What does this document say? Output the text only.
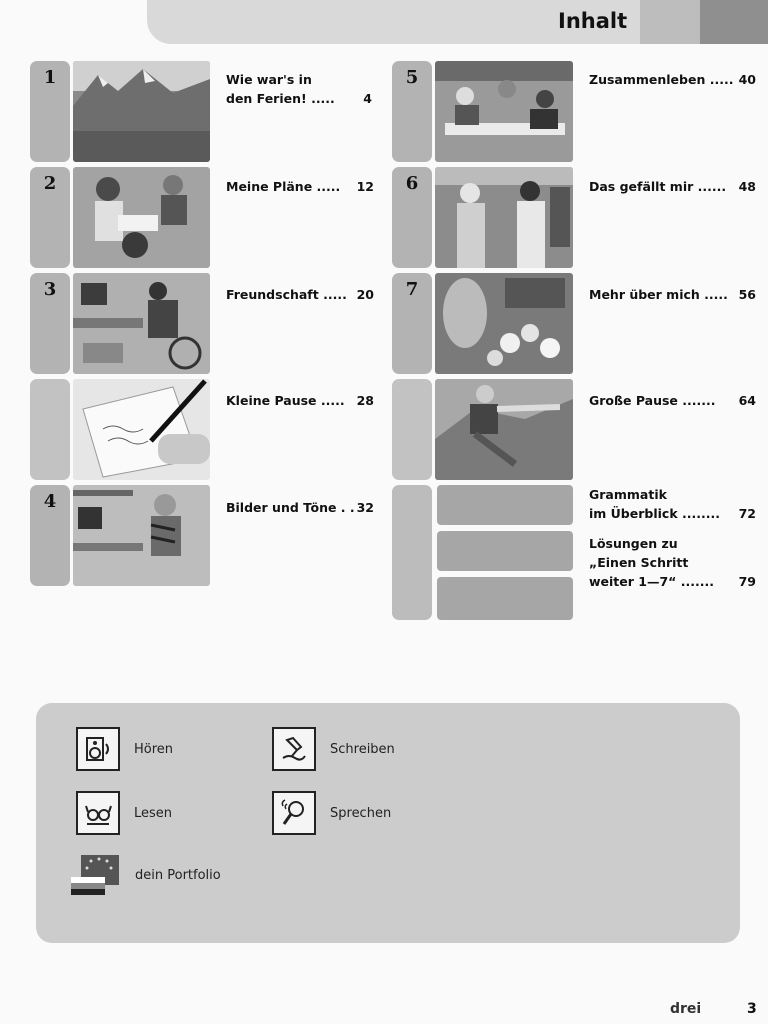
Inhalt
1	Wie war's in
den Ferien! .....	4
2	Meine Pläne .....	12
3	Freundschaft ..... 20
Kleine Pause ..... 28
4	Bilder und Töne . . 32
5	Zusammenleben ..... 40
6	Das gefällt mir ...... 48
7	Mehr über mich ..... 56
Große Pause .......	64
Grammatik
im Überblick ........	72
Lösungen zu
„Einen Schritt
weiter 1—7“ .......	79
Hören	Schreiben
Lesen	Sprechen
dein Portfolio
drei	3
